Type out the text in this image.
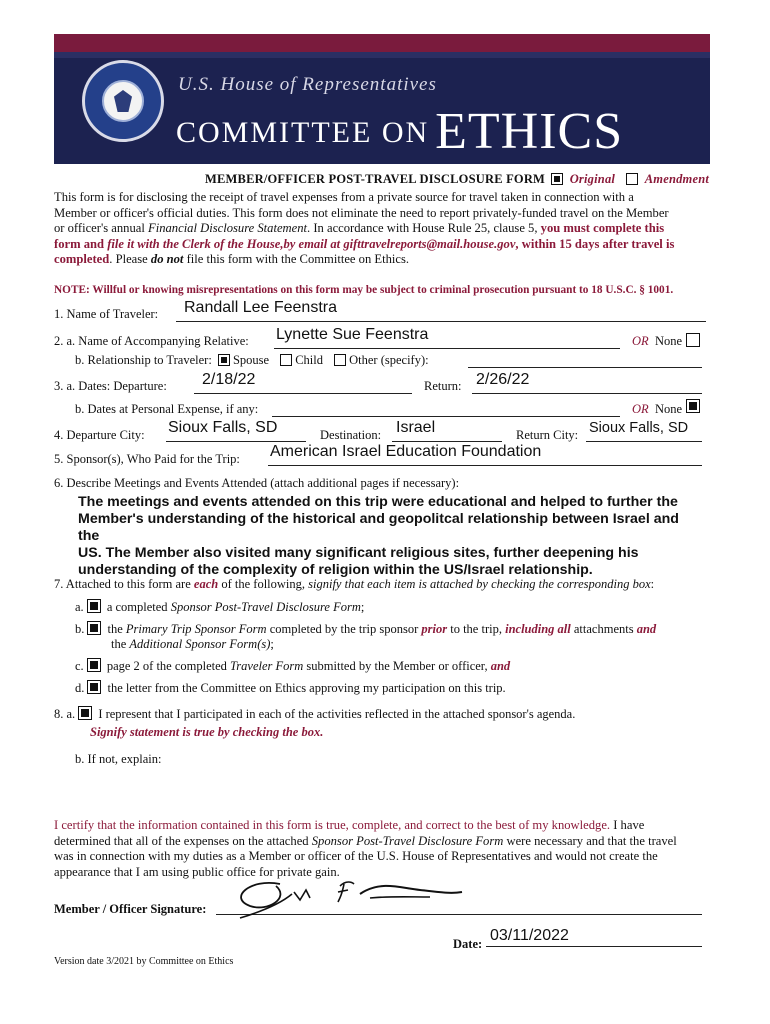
U.S. House of Representatives
COMMITTEE ON ETHICS
MEMBER/OFFICER POST-TRAVEL DISCLOSURE FORM Original Amendment
This form is for disclosing the receipt of travel expenses from a private source for travel taken in connection with a
Member or officer's official duties. This form does not eliminate the need to report privately-funded travel on the Member
or officer's annual Financial Disclosure Statement. In accordance with House Rule 25, clause 5, you must complete this
form and file it with the Clerk of the House,by email at gifttravelreports@mail.house.gov, within 15 days after travel is
completed. Please do not file this form with the Committee on Ethics.
NOTE: Willful or knowing misrepresentations on this form may be subject to criminal prosecution pursuant to 18 U.S.C. § 1001.
1. Name of Traveler: Randall Lee Feenstra
2. a. Name of Accompanying Relative: Lynette Sue Feenstra	OR None
b. Relationship to Traveler: Spouse Child Other (specify):
3. a. Dates: Departure: 2/18/22	Return: 2/26/22
b. Dates at Personal Expense, if any:	OR None
4. Departure City: Sioux Falls, SD	Destination: Israel	Return City: Sioux Falls, SD
5. Sponsor(s), Who Paid for the Trip: American Israel Education Foundation
6. Describe Meetings and Events Attended (attach additional pages if necessary):
The meetings and events attended on this trip were educational and helped to further the
Member's understanding of the historical and geopolitcal relationship between Israel and the
US. The Member also visited many significant religious sites, further deepening his
understanding of the complexity of religion within the US/Israel relationship.
7. Attached to this form are each of the following, signify that each item is attached by checking the corresponding box:
a. a completed Sponsor Post-Travel Disclosure Form;
b. the Primary Trip Sponsor Form completed by the trip sponsor prior to the trip, including all attachments and
the Additional Sponsor Form(s);
c. page 2 of the completed Traveler Form submitted by the Member or officer, and
d. the letter from the Committee on Ethics approving my participation on this trip.
8. a. I represent that I participated in each of the activities reflected in the attached sponsor's agenda.
Signify statement is true by checking the box.
b. If not, explain:
I certify that the information contained in this form is true, complete, and correct to the best of my knowledge. I have
determined that all of the expenses on the attached Sponsor Post-Travel Disclosure Form were necessary and that the travel
was in connection with my duties as a Member or officer of the U.S. House of Representatives and would not create the
appearance that I am using public office for private gain.
Member / Officer Signature:
Date: 03/11/2022
Version date 3/2021 by Committee on Ethics
